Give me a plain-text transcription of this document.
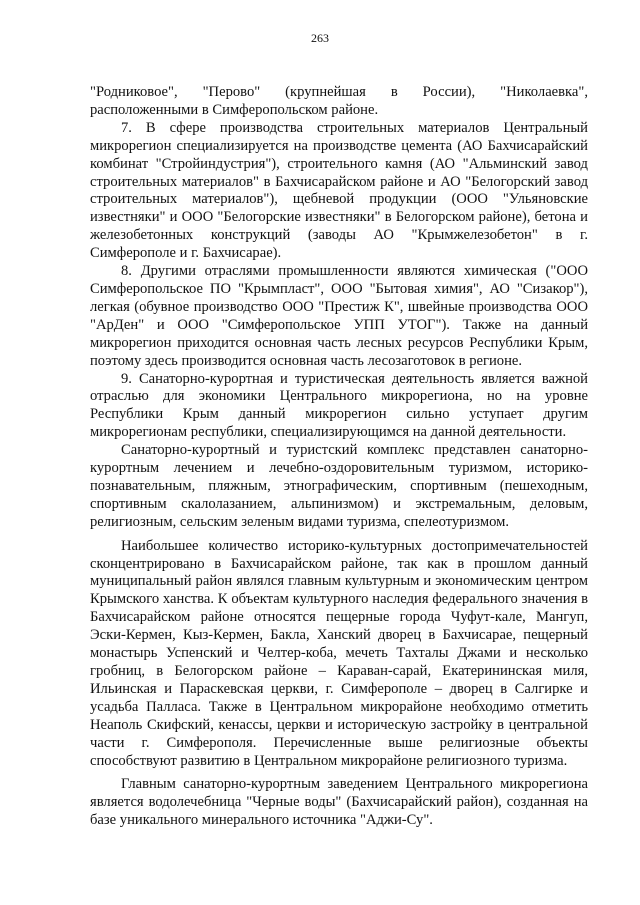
263

"Родниковое", "Перово" (крупнейшая в России), "Николаевка", расположенными в Симферопольском районе.

7. В сфере производства строительных материалов Центральный микрорегион специализируется на производстве цемента (АО Бахчисарайский комбинат "Стройиндустрия"), строительного камня (АО "Альминский завод строительных материалов" в Бахчисарайском районе и АО "Белогорский завод строительных материалов"), щебневой продукции (ООО "Ульяновские известняки" и ООО "Белогорские известняки" в Белогорском районе), бетона и железобетонных конструкций (заводы АО "Крымжелезобетон" в г. Симферополе и г. Бахчисарае).

8. Другими отраслями промышленности являются химическая ("ООО Симферопольское ПО "Крымпласт", ООО "Бытовая химия", АО "Сизакор"), легкая (обувное производство ООО "Престиж К", швейные производства ООО "АрДен" и ООО "Симферопольское УПП УТОГ"). Также на данный микрорегион приходится основная часть лесных ресурсов Республики Крым, поэтому здесь производится основная часть лесозаготовок в регионе.

9. Санаторно-курортная и туристическая деятельность является важной отраслью для экономики Центрального микрорегиона, но на уровне Республики Крым данный микрорегион сильно уступает другим микрорегионам республики, специализирующимся на данной деятельности.

Санаторно-курортный и туристский комплекс представлен санаторно-курортным лечением и лечебно-оздоровительным туризмом, историко-познавательным, пляжным, этнографическим, спортивным (пешеходным, спортивным скалолазанием, альпинизмом) и экстремальным, деловым, религиозным, сельским зеленым видами туризма, спелеотуризмом.

Наибольшее количество историко-культурных достопримечательностей сконцентрировано в Бахчисарайском районе, так как в прошлом данный муниципальный район являлся главным культурным и экономическим центром Крымского ханства. К объектам культурного наследия федерального значения в Бахчисарайском районе относятся пещерные города Чуфут-кале, Мангуп, Эски-Кермен, Кыз-Кермен, Бакла, Ханский дворец в Бахчисарае, пещерный монастырь Успенский и Челтер-коба, мечеть Тахталы Джами и несколько гробниц, в Белогорском районе – Караван-сарай, Екатерининская миля, Ильинская и Параскевская церкви, г. Симферополе – дворец в Салгирке и усадьба Палласа. Также в Центральном микрорайоне необходимо отметить Неаполь Скифский, кенассы, церкви и историческую застройку в центральной части г. Симферополя. Перечисленные выше религиозные объекты способствуют развитию в Центральном микрорайоне религиозного туризма.

Главным санаторно-курортным заведением Центрального микрорегиона является водолечебница "Черные воды" (Бахчисарайский район), созданная на базе уникального минерального источника "Аджи-Су".
